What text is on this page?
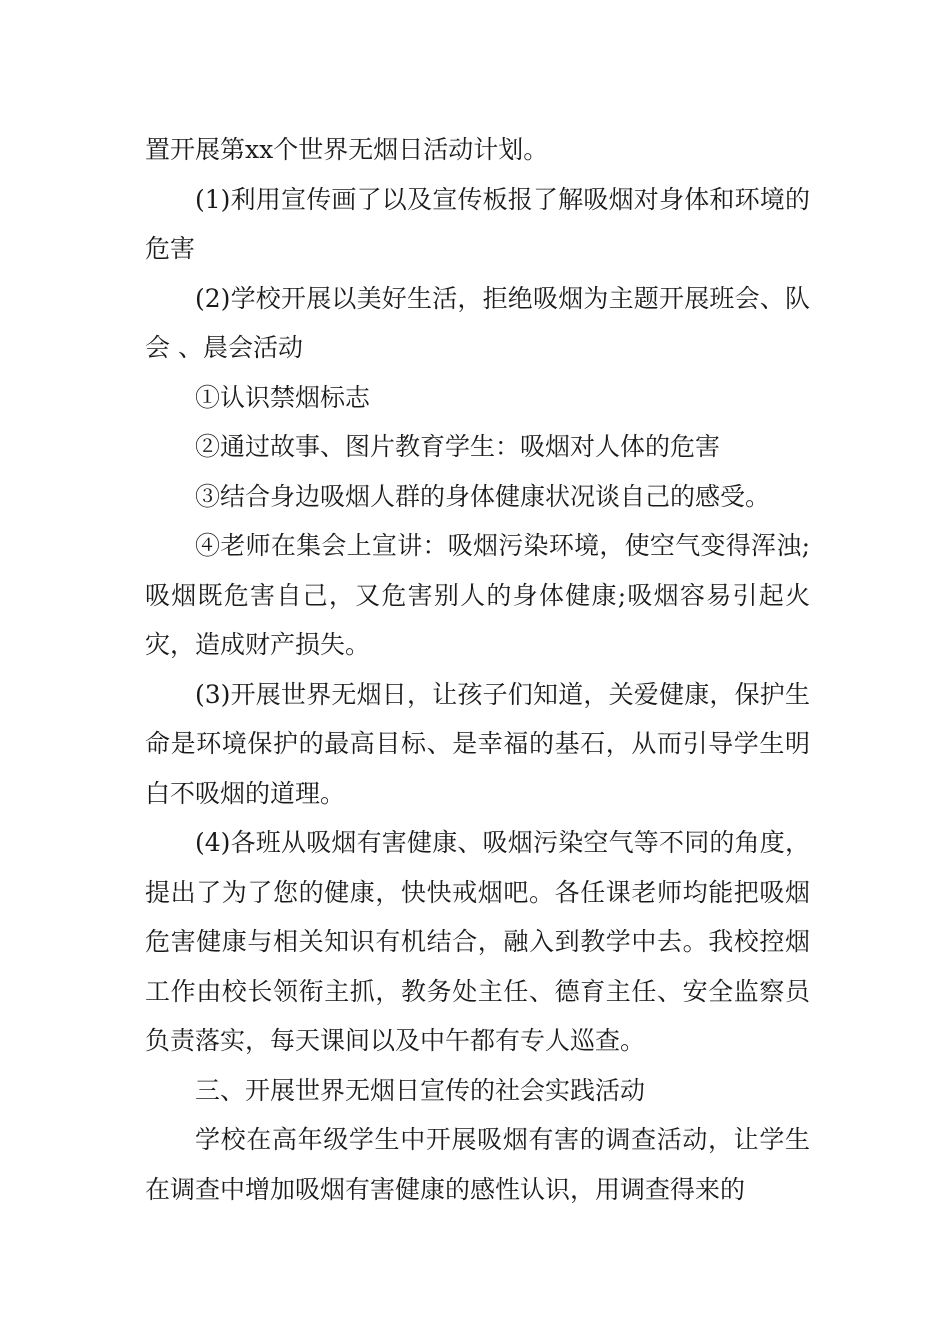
置开展第xx个世界无烟日活动计划。

(1)利用宣传画了以及宣传板报了解吸烟对身体和环境的危害

(2)学校开展以美好生活，拒绝吸烟为主题开展班会、队会 、晨会活动

①认识禁烟标志

②通过故事、图片教育学生：吸烟对人体的危害

③结合身边吸烟人群的身体健康状况谈自己的感受。

④老师在集会上宣讲：吸烟污染环境，使空气变得浑浊;吸烟既危害自己，又危害别人的身体健康;吸烟容易引起火灾，造成财产损失。

(3)开展世界无烟日，让孩子们知道，关爱健康，保护生命是环境保护的最高目标、是幸福的基石，从而引导学生明白不吸烟的道理。

(4)各班从吸烟有害健康、吸烟污染空气等不同的角度，提出了为了您的健康，快快戒烟吧。各任课老师均能把吸烟危害健康与相关知识有机结合，融入到教学中去。我校控烟工作由校长领衔主抓，教务处主任、德育主任、安全监察员负责落实，每天课间以及中午都有专人巡查。

三、开展世界无烟日宣传的社会实践活动

学校在高年级学生中开展吸烟有害的调查活动，让学生在调查中增加吸烟有害健康的感性认识，用调查得来的
